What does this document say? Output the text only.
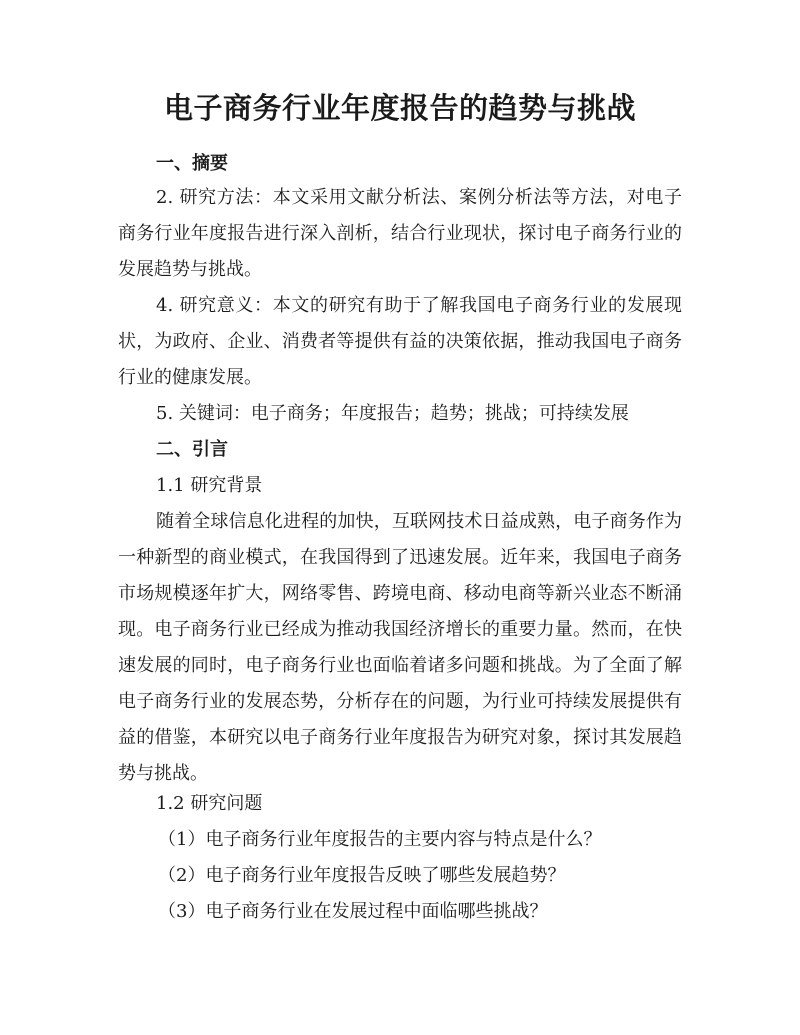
电子商务行业年度报告的趋势与挑战
一、摘要

2. 研究方法：本文采用文献分析法、案例分析法等方法，对电子商务行业年度报告进行深入剖析，结合行业现状，探讨电子商务行业的发展趋势与挑战。

4. 研究意义：本文的研究有助于了解我国电子商务行业的发展现状，为政府、企业、消费者等提供有益的决策依据，推动我国电子商务行业的健康发展。

5. 关键词：电子商务；年度报告；趋势；挑战；可持续发展

二、引言

1.1 研究背景

随着全球信息化进程的加快，互联网技术日益成熟，电子商务作为一种新型的商业模式，在我国得到了迅速发展。近年来，我国电子商务市场规模逐年扩大，网络零售、跨境电商、移动电商等新兴业态不断涌现。电子商务行业已经成为推动我国经济增长的重要力量。然而，在快速发展的同时，电子商务行业也面临着诸多问题和挑战。为了全面了解电子商务行业的发展态势，分析存在的问题，为行业可持续发展提供有益的借鉴，本研究以电子商务行业年度报告为研究对象，探讨其发展趋势与挑战。

1.2 研究问题

（1）电子商务行业年度报告的主要内容与特点是什么？

（2）电子商务行业年度报告反映了哪些发展趋势？

（3）电子商务行业在发展过程中面临哪些挑战？
